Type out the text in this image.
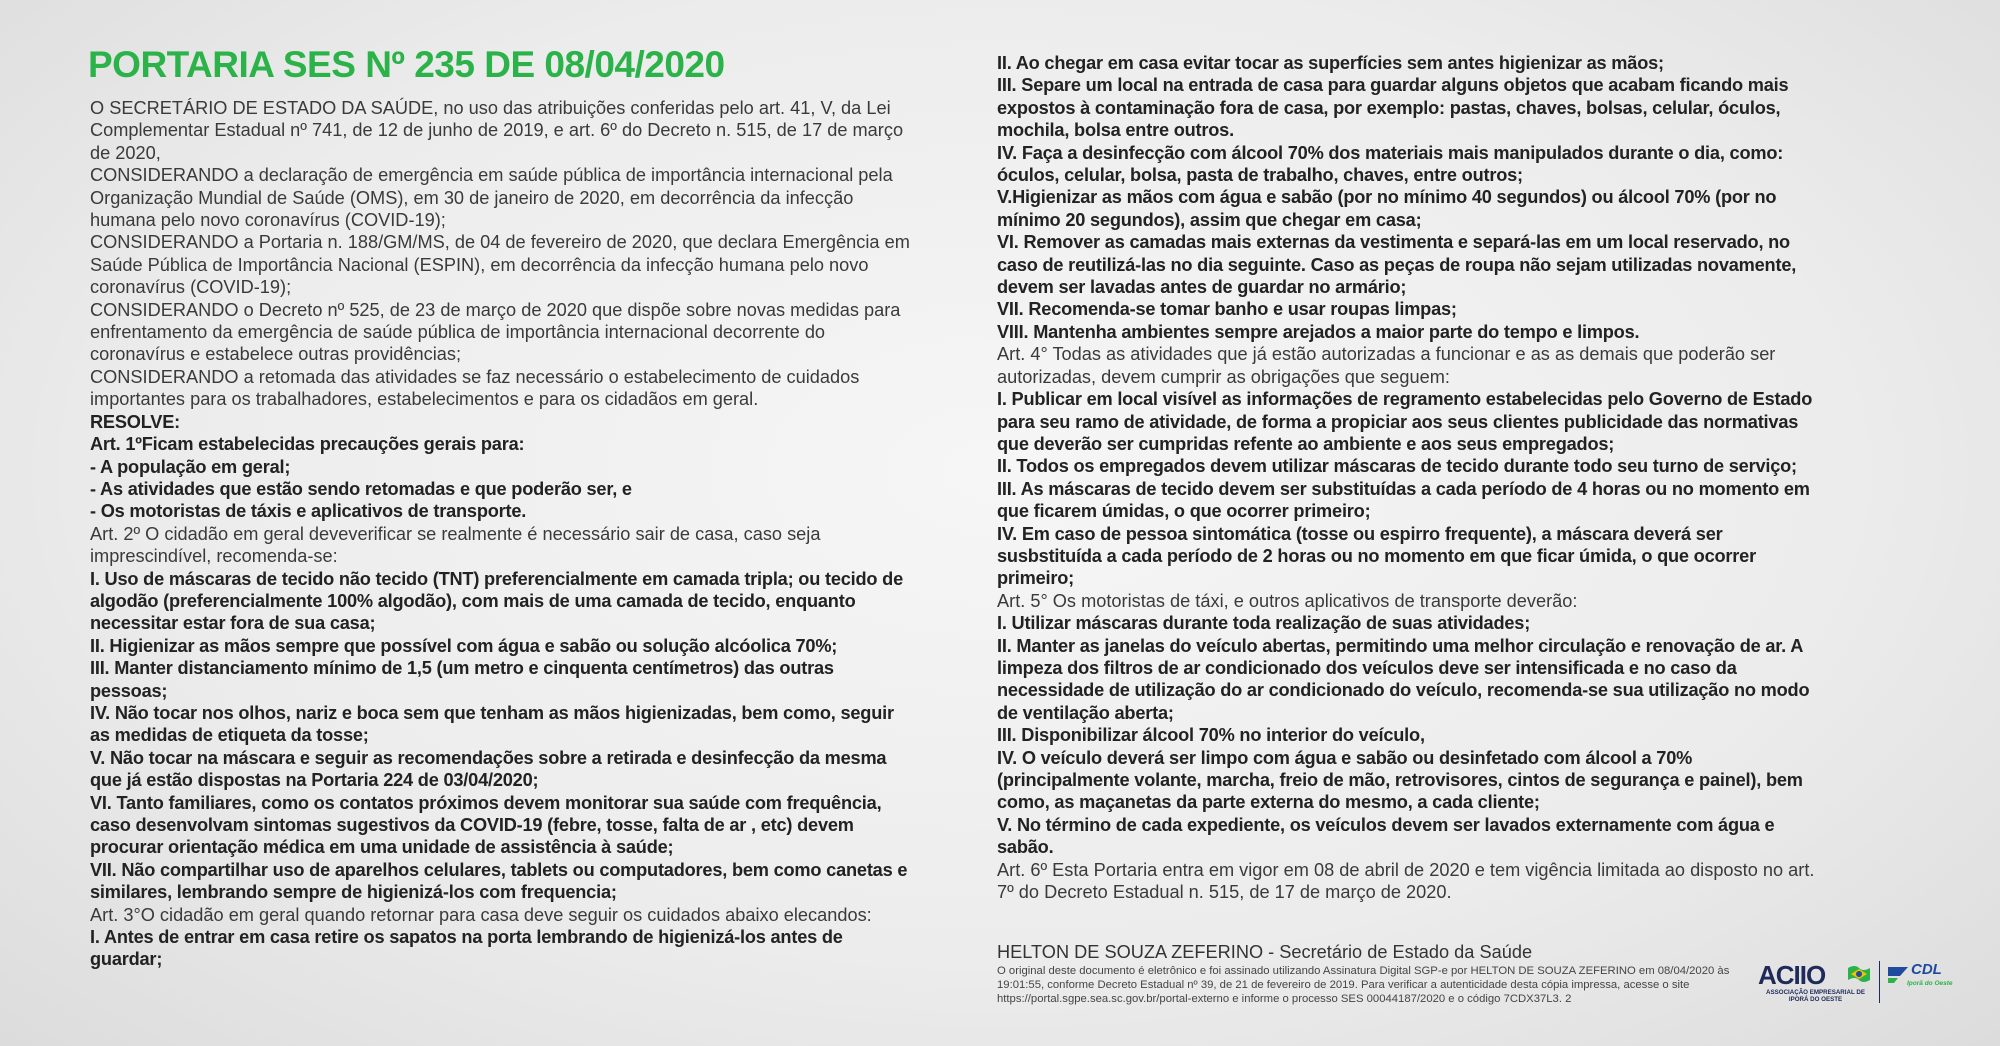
PORTARIA SES Nº 235 DE 08/04/2020

O SECRETÁRIO DE ESTADO DA SAÚDE, no uso das atribuições conferidas pelo art. 41, V, da Lei Complementar Estadual nº 741, de 12 de junho de 2019, e art. 6º do Decreto n. 515, de 17 de março de 2020,

CONSIDERANDO a declaração de emergência em saúde pública de importância internacional pela Organização Mundial de Saúde (OMS), em 30 de janeiro de 2020, em decorrência da infecção humana pelo novo coronavírus (COVID-19);

CONSIDERANDO a Portaria n. 188/GM/MS, de 04 de fevereiro de 2020, que declara Emergência em Saúde Pública de Importância Nacional (ESPIN), em decorrência da infecção humana pelo novo coronavírus (COVID-19);

CONSIDERANDO o Decreto nº 525, de 23 de março de 2020 que dispõe sobre novas medidas para enfrentamento da emergência de saúde pública de importância internacional decorrente do coronavírus e estabelece outras providências;

CONSIDERANDO a retomada das atividades se faz necessário o estabelecimento de cuidados importantes para os trabalhadores, estabelecimentos e para os cidadãos em geral.

RESOLVE:

Art. 1ºFicam estabelecidas precauções gerais para:

- A população em geral;

- As atividades que estão sendo retomadas e que poderão ser, e

- Os motoristas de táxis e aplicativos de transporte.

Art. 2º O cidadão em geral deveverificar se realmente é necessário sair de casa, caso seja imprescindível, recomenda-se:

I. Uso de máscaras de tecido não tecido (TNT) preferencialmente em camada tripla; ou tecido de algodão (preferencialmente 100% algodão), com mais de uma camada de tecido, enquanto necessitar estar fora de sua casa;

II. Higienizar as mãos sempre que possível com água e sabão ou solução alcóolica 70%;

III. Manter distanciamento mínimo de 1,5 (um metro e cinquenta centímetros) das outras pessoas;

IV. Não tocar nos olhos, nariz e boca sem que tenham as mãos higienizadas, bem como, seguir as medidas de etiqueta da tosse;

V. Não tocar na máscara e seguir as recomendações sobre a retirada e desinfecção da mesma que já estão dispostas na Portaria 224 de 03/04/2020;

VI. Tanto familiares, como os contatos próximos devem monitorar sua saúde com frequência, caso desenvolvam sintomas sugestivos da COVID-19 (febre, tosse, falta de ar , etc) devem procurar orientação médica em uma unidade de assistência à saúde;

VII. Não compartilhar uso de aparelhos celulares, tablets ou computadores, bem como canetas e similares, lembrando sempre de higienizá-los com frequencia;

Art. 3°O cidadão em geral quando retornar para casa deve seguir os cuidados abaixo elecandos:

I. Antes de entrar em casa retire os sapatos na porta lembrando de higienizá-los antes de guardar;

II. Ao chegar em casa evitar tocar as superfícies sem antes higienizar as mãos;

III. Separe um local na entrada de casa para guardar alguns objetos que acabam ficando mais expostos à contaminação fora de casa, por exemplo: pastas, chaves, bolsas, celular, óculos, mochila, bolsa entre outros.

IV. Faça a desinfecção com álcool 70% dos materiais mais manipulados durante o dia, como: óculos, celular, bolsa, pasta de trabalho, chaves, entre outros;

V.Higienizar as mãos com água e sabão (por no mínimo 40 segundos) ou álcool 70% (por no mínimo 20 segundos), assim que chegar em casa;

VI. Remover as camadas mais externas da vestimenta e separá-las em um local reservado, no caso de reutilizá-las no dia seguinte. Caso as peças de roupa não sejam utilizadas novamente, devem ser lavadas antes de guardar no armário;

VII. Recomenda-se tomar banho e usar roupas limpas;

VIII. Mantenha ambientes sempre arejados a maior parte do tempo e limpos.

Art. 4° Todas as atividades que já estão autorizadas a funcionar e as as demais que poderão ser autorizadas, devem cumprir as obrigações que seguem:

I. Publicar em local visível as informações de regramento estabelecidas pelo Governo de Estado para seu ramo de atividade, de forma a propiciar aos seus clientes publicidade das normativas que deverão ser cumpridas refente ao ambiente e aos seus empregados;

II. Todos os empregados devem utilizar máscaras de tecido durante todo seu turno de serviço;

III. As máscaras de tecido devem ser substituídas a cada período de 4 horas ou no momento em que ficarem úmidas, o que ocorrer primeiro;

IV. Em caso de pessoa sintomática (tosse ou espirro frequente), a máscara deverá ser susbstituída a cada período de 2 horas ou no momento em que ficar úmida, o que ocorrer primeiro;

Art. 5° Os motoristas de táxi, e outros aplicativos de transporte deverão:

I. Utilizar máscaras durante toda realização de suas atividades;

II. Manter as janelas do veículo abertas, permitindo uma melhor circulação e renovação de ar. A limpeza dos filtros de ar condicionado dos veículos deve ser intensificada e no caso da necessidade de utilização do ar condicionado do veículo, recomenda-se sua utilização no modo de ventilação aberta;

III. Disponibilizar álcool 70% no interior do veículo,

IV. O veículo deverá ser limpo com água e sabão ou desinfetado com álcool a 70% (principalmente volante, marcha, freio de mão, retrovisores, cintos de segurança e painel), bem como, as maçanetas da parte externa do mesmo, a cada cliente;

V. No término de cada expediente, os veículos devem ser lavados externamente com água e sabão.

Art. 6º Esta Portaria entra em vigor em 08 de abril de 2020 e tem vigência limitada ao disposto no art. 7º do Decreto Estadual n. 515, de 17 de março de 2020.

HELTON DE SOUZA ZEFERINO - Secretário de Estado da Saúde
O original deste documento é eletrônico e foi assinado utilizando Assinatura Digital SGP-e por HELTON DE SOUZA ZEFERINO em 08/04/2020 às 19:01:55, conforme Decreto Estadual nº 39, de 21 de fevereiro de 2019. Para verificar a autenticidade desta cópia impressa, acesse o site https://portal.sgpe.sea.sc.gov.br/portal-externo e informe o processo SES 00044187/2020 e o código 7CDX37L3. 2
ACIIO
ASSOCIAÇÃO EMPRESARIAL DE IPORÁ DO OESTE
CDL
Iporã do Oeste
